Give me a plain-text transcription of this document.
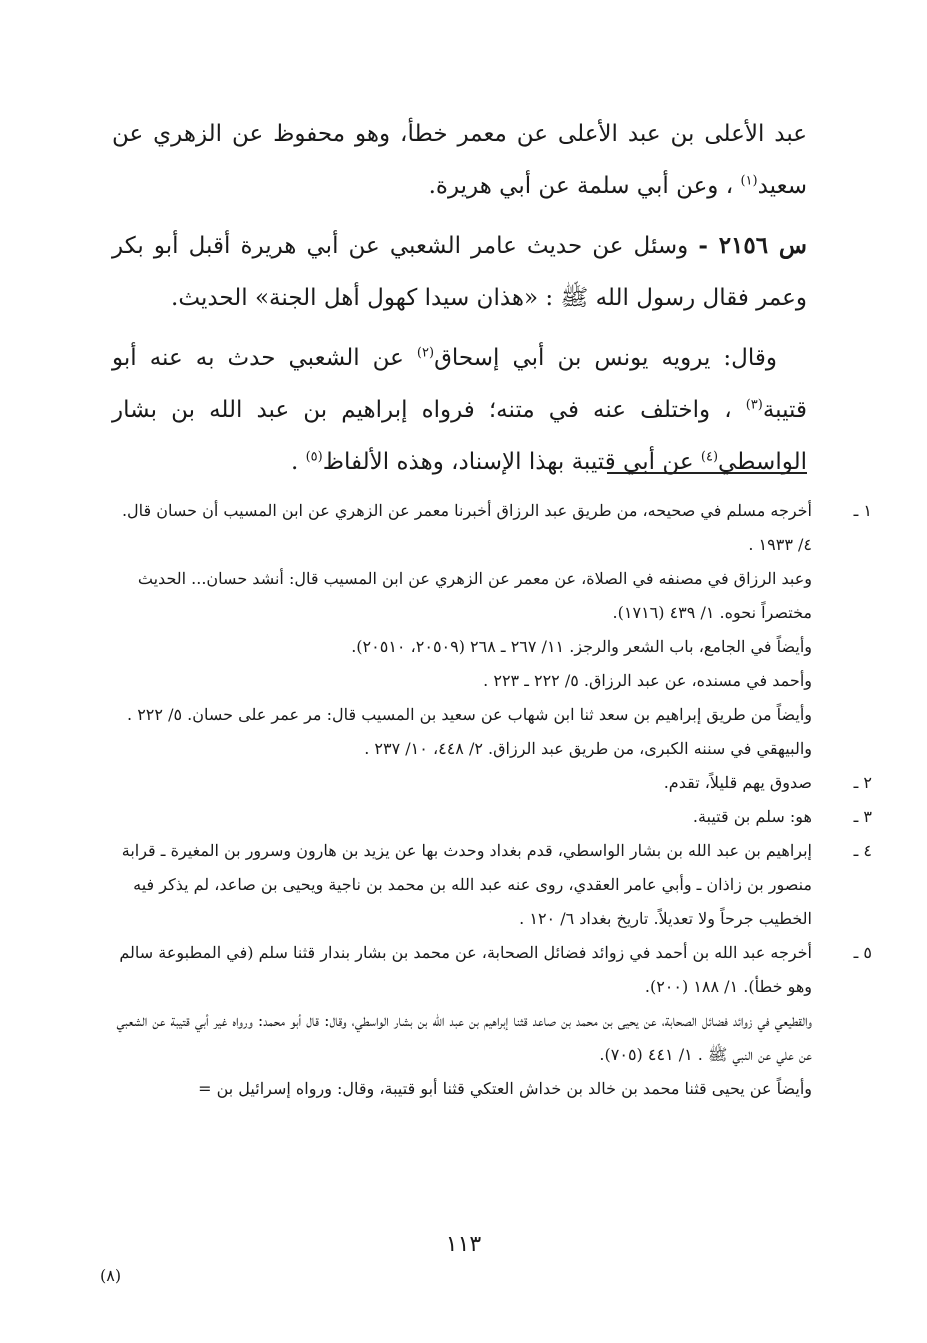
عبد الأعلى بن عبد الأعلى عن معمر خطأ، وهو محفوظ عن الزهري عن سعيد$^{(١)}$ ، وعن أبي سلمة عن أبي هريرة.

س ٢١٥٦ - وسئل عن حديث عامر الشعبي عن أبي هريرة أقبل أبو بكر وعمر فقال رسول الله ﷺ : «هذان سيدا كهول أهل الجنة» الحديث.

وقال: يرويه يونس بن أبي إسحاق$^{(٢)}$ عن الشعبي حدث به عنه أبو قتيبة$^{(٣)}$ ، واختلف عنه في متنه؛ فرواه إبراهيم بن عبد الله بن بشار الواسطي$^{(٤)}$ عن أبي قتيبة بهذا الإسناد، وهذه الألفاظ$^{(٥)}$ .

١ ـ
أخرجه مسلم في صحيحه، من طريق عبد الرزاق أخبرنا معمر عن الزهري عن ابن المسيب أن حسان قال. ٤/ ١٩٣٣ .
وعبد الرزاق في مصنفه في الصلاة، عن معمر عن الزهري عن ابن المسيب قال: أنشد حسان... الحديث مختصراً نحوه. ١/ ٤٣٩ (١٧١٦).
وأيضاً في الجامع، باب الشعر والرجز. ١١/ ٢٦٧ ـ ٢٦٨ (٢٠٥٠٩، ٢٠٥١٠).
وأحمد في مسنده، عن عبد الرزاق. ٥/ ٢٢٢ ـ ٢٢٣ .
وأيضاً من طريق إبراهيم بن سعد ثنا ابن شهاب عن سعيد بن المسيب قال: مر عمر على حسان. ٥/ ٢٢٢ .
والبيهقي في سننه الكبرى، من طريق عبد الرزاق. ٢/ ٤٤٨، ١٠/ ٢٣٧ .
٢ ـ
صدوق يهم قليلاً، تقدم.
٣ ـ
هو: سلم بن قتيبة.
٤ ـ
إبراهيم بن عبد الله بن بشار الواسطي، قدم بغداد وحدث بها عن يزيد بن هارون وسرور بن المغيرة ـ قرابة منصور بن زاذان ـ وأبي عامر العقدي، روى عنه عبد الله بن محمد بن ناجية ويحيى بن صاعد، لم يذكر فيه الخطيب جرحاً ولا تعديلاً. تاريخ بغداد ٦/ ١٢٠ .
٥ ـ
أخرجه عبد الله بن أحمد في زوائد فضائل الصحابة، عن محمد بن بشار بندار قثنا سلم (في المطبوعة سالم وهو خطأ). ١/ ١٨٨ (٢٠٠).
والقطيعي في زوائد فضائل الصحابة، عن يحيى بن محمد بن صاعد قثنا إبراهيم بن عبد الله بن بشار الواسطي، وقال: قال أبو محمد: ورواه غير أبي قتيبة عن الشعبي عن علي عن النبي ﷺ . ١/ ٤٤١ (٧٠٥).
وأيضاً عن يحيى قثنا محمد بن خالد بن خداش العتكي قثنا أبو قتيبة، وقال: ورواه إسرائيل بن =
١١٣
(٨)
